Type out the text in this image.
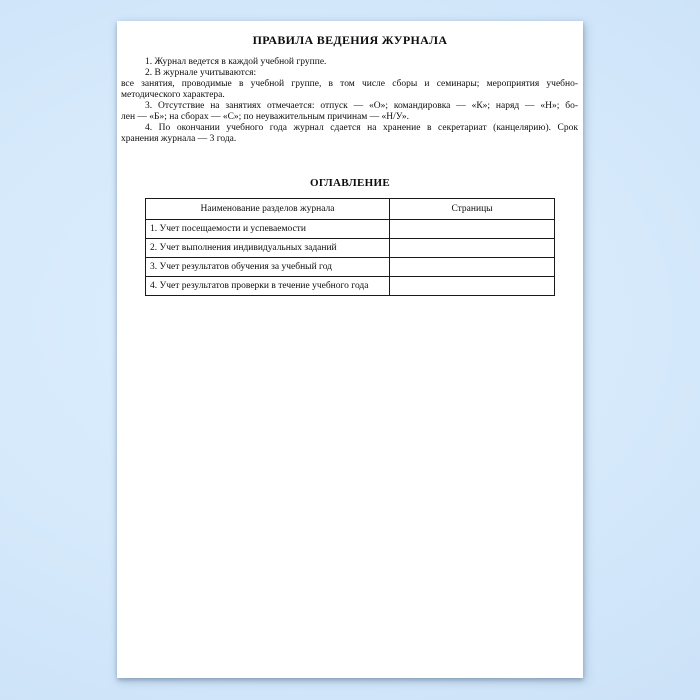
ПРАВИЛА ВЕДЕНИЯ ЖУРНАЛА
1. Журнал ведется в каждой учебной группе.
2. В журнале учитываются:
все занятия, проводимые в учебной группе, в том числе сборы и семинары; мероприятия учебно-
методического характера.
3. Отсутствие на занятиях отмечается: отпуск — «О»; командировка — «К»; наряд — «Н»; бо-
лен — «Б»; на сборах — «С»; по неуважительным причинам — «Н/У».
4. По окончании учебного года журнал сдается на хранение в секретариат (канцелярию). Срок
хранения журнала — 3 года.
ОГЛАВЛЕНИЕ
Наименование разделов журнала	Страницы
1. Учет посещаемости и успеваемости	
2. Учет выполнения индивидуальных заданий	
3. Учет результатов обучения за учебный год	
4. Учет результатов проверки в течение учебного года	
